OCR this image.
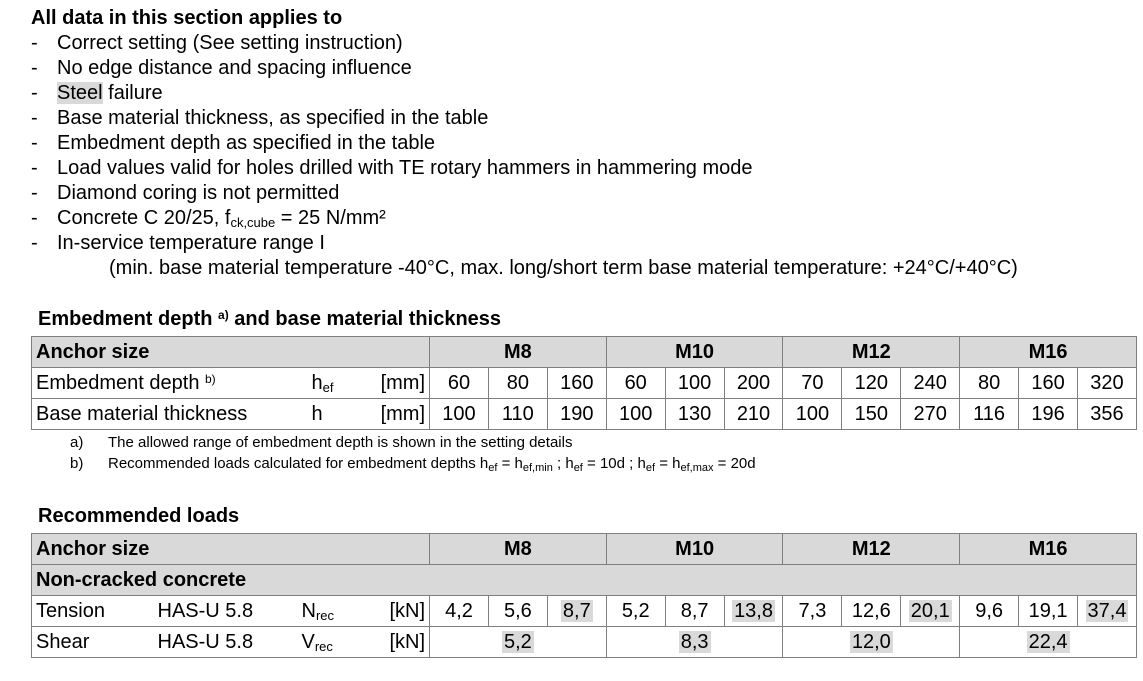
All data in this section applies to
- Correct setting (See setting instruction)
- No edge distance and spacing influence
- Steel failure
- Base material thickness, as specified in the table
- Embedment depth as specified in the table
- Load values valid for holes drilled with TE rotary hammers in hammering mode
- Diamond coring is not permitted
- Concrete C 20/25, $f_{ck,cube} = 25$ N/mm²
- In-service temperature range I
(min. base material temperature -40°C, max. long/short term base material temperature: +24°C/+40°C)
Embedment depth $^{a)}$ and base material thickness
Anchor size			M8			M10			M12			M16		
Embedment depth $^{b)}$	$h_{ef}$	[mm]	60	80	160	60	100	200	70	120	240	80	160	320
Base material thickness	h	[mm]	100	110	190	100	130	210	100	150	270	116	196	356
a) The allowed range of embedment depth is shown in the setting details
b) Recommended loads calculated for embedment depths $h_{ef} = h_{ef,min}$ ; $h_{ef} = 10d$ ; $h_{ef} = h_{ef,max} = 20d$
Recommended loads
Anchor size				M8			M10			M12			M16		
Non-cracked concrete															
Tension	HAS-U 5.8	$N_{rec}$	[kN]	4,2	5,6	8,7	5,2	8,7	13,8	7,3	12,6	20,1	9,6	19,1	37,4
Shear	HAS-U 5.8	$V_{rec}$	[kN]	5,2			8,3			12,0			22,4		
